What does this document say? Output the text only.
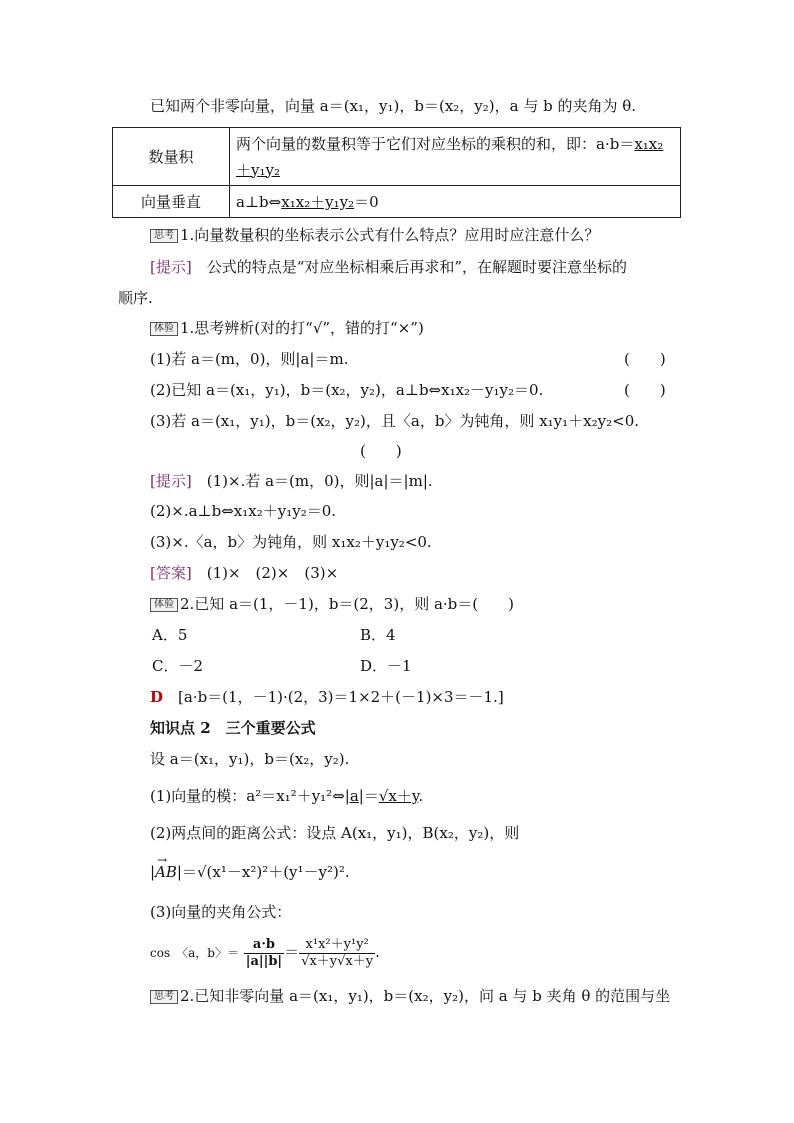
已知两个非零向量，向量 a＝(x₁，y₁)，b＝(x₂，y₂)，a 与 b 的夹角为 θ.
数量积	两个向量的数量积等于它们对应坐标的乘积的和，即：a·b＝x₁x₂
＋y₁y₂
向量垂直	a⊥b⇔x₁x₂＋y₁y₂＝0
思考 1.向量数量积的坐标表示公式有什么特点？应用时应注意什么？
[提示]　公式的特点是“对应坐标相乘后再求和”，在解题时要注意坐标的
顺序.
体验 1.思考辨析(对的打“√”，错的打“×”)
(1)若 a＝(m，0)，则|a|＝m.	(　　)
(2)已知 a＝(x₁，y₁)，b＝(x₂，y₂)，a⊥b⇔x₁x₂－y₁y₂＝0.	(　　)
(3)若 a＝(x₁，y₁)，b＝(x₂，y₂)，且〈a，b〉为钝角，则 x₁y₁＋x₂y₂<0.
(　　)
[提示]　(1)×.若 a＝(m，0)，则|a|＝|m|.
(2)×.a⊥b⇔x₁x₂＋y₁y₂＝0.
(3)×.〈a，b〉为钝角，则 x₁x₂＋y₁y₂<0.
[答案]　(1)×　(2)×　(3)×
体验 2.已知 a＝(1，－1)，b＝(2，3)，则 a·b＝(　　)
A．5	B．4
C．－2	D．－1
D　[a·b＝(1，－1)·(2，3)＝1×2＋(－1)×3＝－1.]
知识点 2　三个重要公式
设 a＝(x₁，y₁)，b＝(x₂，y₂).
(1)向量的模：a²＝x₁²＋y₁²⇔|a|＝√x＋y.
(2)两点间的距离公式：设点 A(x₁，y₁)，B(x₂，y₂)，则
|
→
AB|＝√(x¹－x²)²＋(y¹－y²)².
(3)向量的夹角公式：
cos　〈a，b〉＝ $\frac{a\cdot b}{|a||b|} = \frac{\text{x¹x²＋y¹y²}}{√x+y√x+y}$ .
思考 2.已知非零向量 a＝(x₁，y₁)，b＝(x₂，y₂)，问 a 与 b 夹角 θ 的范围与坐
